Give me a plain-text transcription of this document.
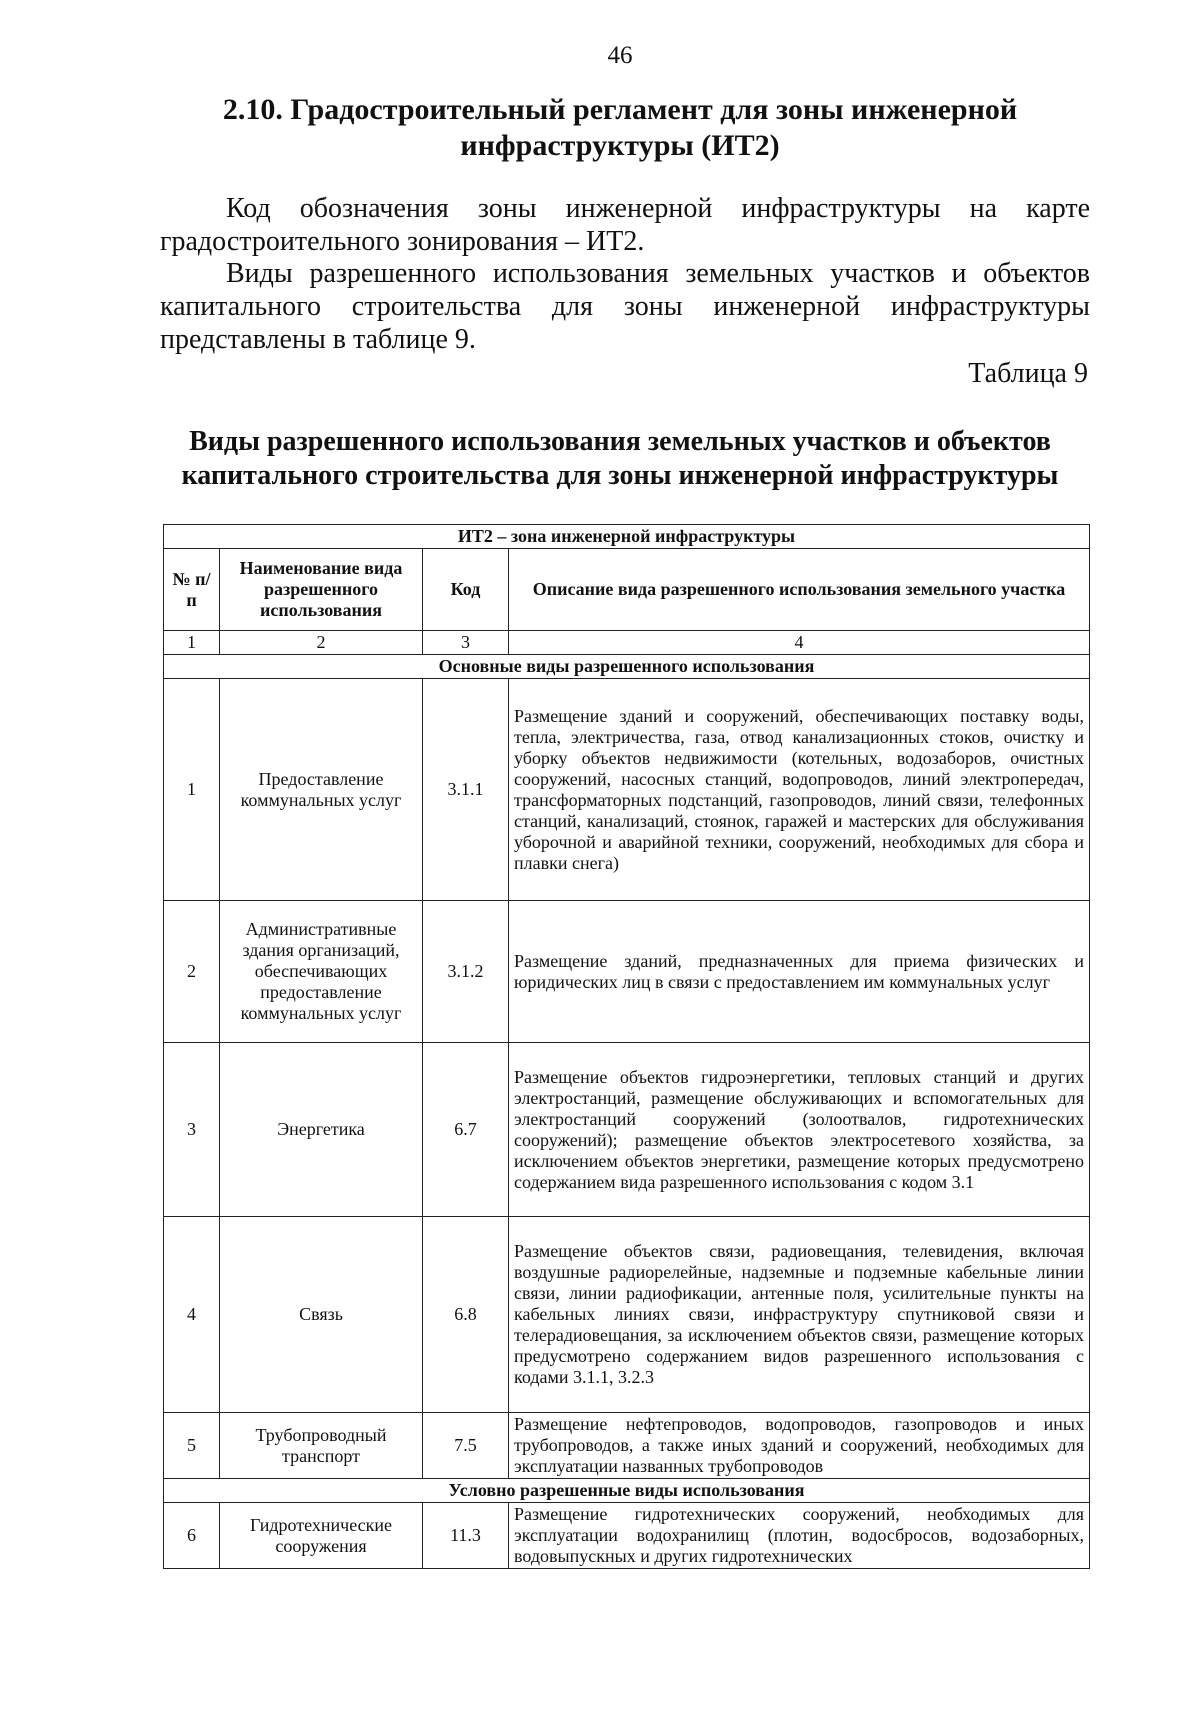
46
2.10. Градостроительный регламент для зоны инженерной инфраструктуры (ИТ2)
Код обозначения зоны инженерной инфраструктуры на карте градостроительного зонирования – ИТ2.
Виды разрешенного использования земельных участков и объектов капитального строительства для зоны инженерной инфраструктуры представлены в таблице 9.
Таблица 9
Виды разрешенного использования земельных участков и объектов капитального строительства для зоны инженерной инфраструктуры
ИТ2 – зона инженерной инфраструктуры			
№ п/п	Наименование вида разрешенного использования	Код	Описание вида разрешенного использования земельного участка
1	2	3	4
Основные виды разрешенного использования			
1	Предоставление коммунальных услуг	3.1.1	Размещение зданий и сооружений, обеспечивающих поставку воды, тепла, электричества, газа, отвод канализационных стоков, очистку и уборку объектов недвижимости (котельных, водозаборов, очистных сооружений, насосных станций, водопроводов, линий электропередач, трансформаторных подстанций, газопроводов, линий связи, телефонных станций, канализаций, стоянок, гаражей и мастерских для обслуживания уборочной и аварийной техники, сооружений, необходимых для сбора и плавки снега)
2	Административные здания организаций, обеспечивающих предоставление коммунальных услуг	3.1.2	Размещение зданий, предназначенных для приема физических и юридических лиц в связи с предоставлением им коммунальных услуг
3	Энергетика	6.7	Размещение объектов гидроэнергетики, тепловых станций и других электростанций, размещение обслуживающих и вспомогательных для электростанций сооружений (золоотвалов, гидротехнических сооружений); размещение объектов электросетевого хозяйства, за исключением объектов энергетики, размещение которых предусмотрено содержанием вида разрешенного использования с кодом 3.1
4	Связь	6.8	Размещение объектов связи, радиовещания, телевидения, включая воздушные радиорелейные, надземные и подземные кабельные линии связи, линии радиофикации, антенные поля, усилительные пункты на кабельных линиях связи, инфраструктуру спутниковой связи и телерадиовещания, за исключением объектов связи, размещение которых предусмотрено содержанием видов разрешенного использования с кодами 3.1.1, 3.2.3
5	Трубопроводный транспорт	7.5	Размещение нефтепроводов, водопроводов, газопроводов и иных трубопроводов, а также иных зданий и сооружений, необходимых для эксплуатации названных трубопроводов
Условно разрешенные виды использования			
6	Гидротехнические сооружения	11.3	Размещение гидротехнических сооружений, необходимых для эксплуатации водохранилищ (плотин, водосбросов, водозаборных, водовыпускных и других гидротехнических
